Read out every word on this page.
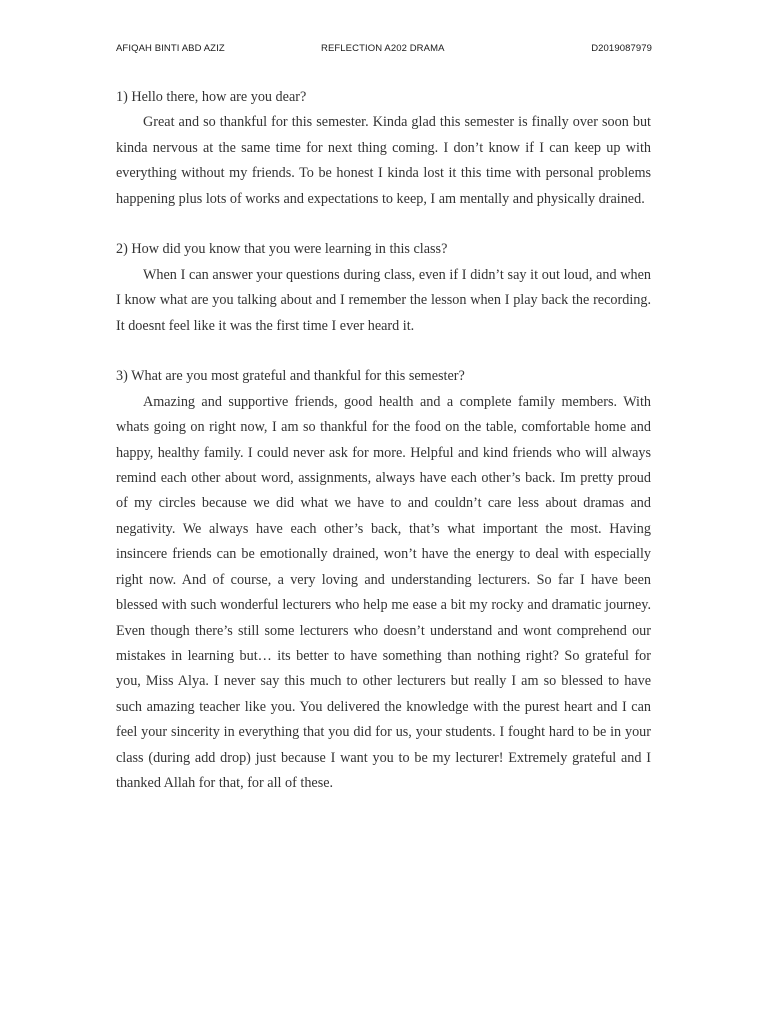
AFIQAH BINTI ABD AZIZ	REFLECTION A202 DRAMA	D2019087979

1) Hello there, how are you dear?

Great and so thankful for this semester. Kinda glad this semester is finally over soon but kinda nervous at the same time for next thing coming. I don’t know if I can keep up with everything without my friends. To be honest I kinda lost it this time with personal problems happening plus lots of works and expectations to keep, I am mentally and physically drained.

2) How did you know that you were learning in this class?

When I can answer your questions during class, even if I didn’t say it out loud, and when I know what are you talking about and I remember the lesson when I play back the recording. It doesnt feel like it was the first time I ever heard it.

3) What are you most grateful and thankful for this semester?

Amazing and supportive friends, good health and a complete family members. With whats going on right now, I am so thankful for the food on the table, comfortable home and happy, healthy family. I could never ask for more. Helpful and kind friends who will always remind each other about word, assignments, always have each other’s back. Im pretty proud of my circles because we did what we have to and couldn’t care less about dramas and negativity. We always have each other’s back, that’s what important the most. Having insincere friends can be emotionally drained, won’t have the energy to deal with especially right now. And of course, a very loving and understanding lecturers. So far I have been blessed with such wonderful lecturers who help me ease a bit my rocky and dramatic journey. Even though there’s still some lecturers who doesn’t understand and wont comprehend our mistakes in learning but… its better to have something than nothing right? So grateful for you, Miss Alya. I never say this much to other lecturers but really I am so blessed to have such amazing teacher like you. You delivered the knowledge with the purest heart and I can feel your sincerity in everything that you did for us, your students. I fought hard to be in your class (during add drop) just because I want you to be my lecturer! Extremely grateful and I thanked Allah for that, for all of these.
